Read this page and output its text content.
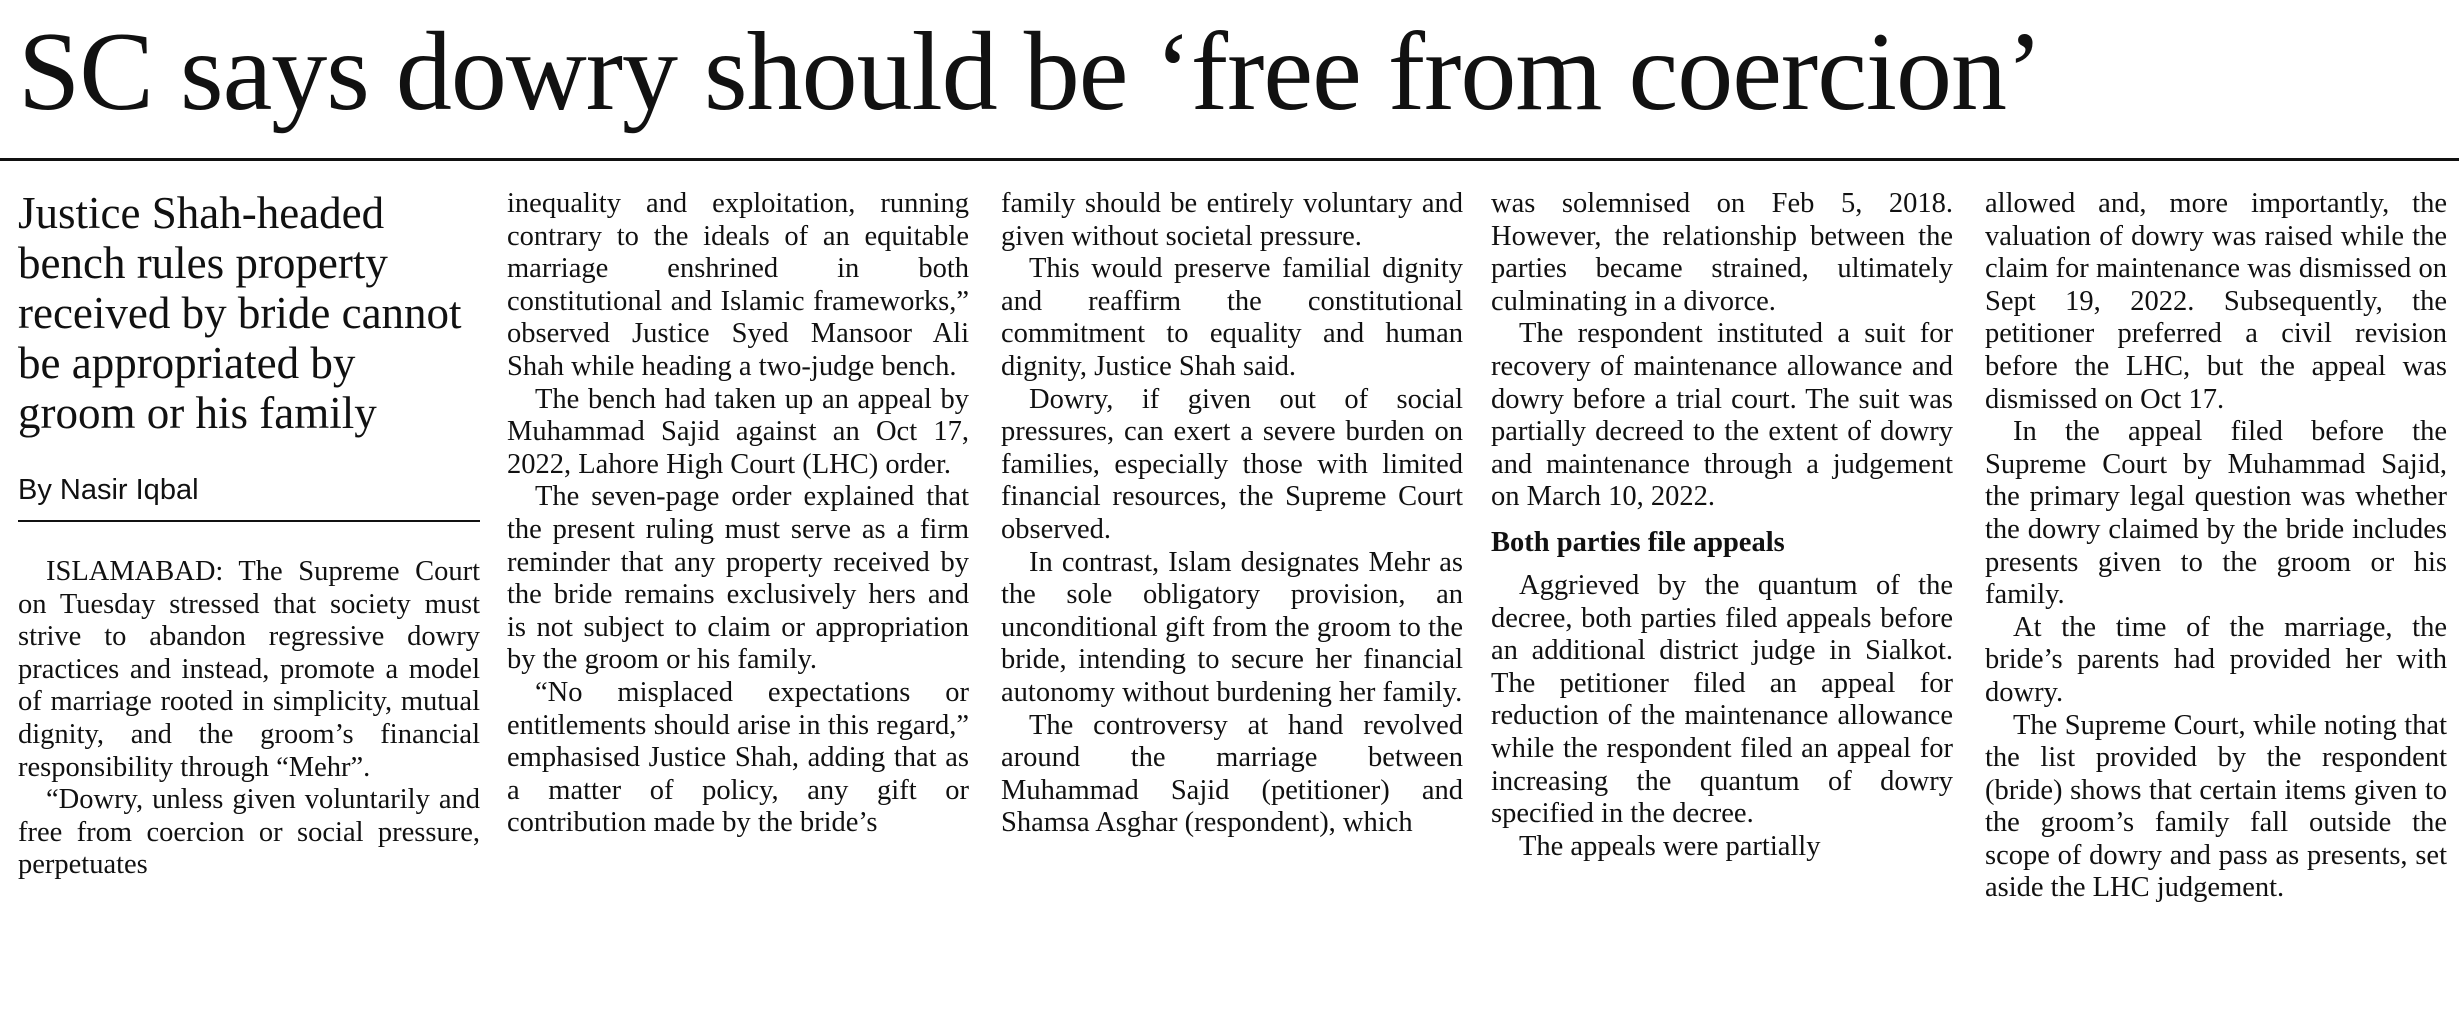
SC says dowry should be ‘free from coercion’
Justice Shah-headed bench rules property received by bride cannot be appropriated by groom or his family
By Nasir Iqbal

ISLAMABAD: The Supreme Court on Tuesday stressed that society must strive to abandon regressive dowry practices and instead, promote a model of marriage rooted in simplicity, mutual dignity, and the groom’s financial responsibility through “Mehr”.

“Dowry, unless given voluntarily and free from coercion or social pressure, perpetuates

inequality and exploitation, running contrary to the ideals of an equitable marriage enshrined in both constitutional and Islamic frameworks,” observed Justice Syed Mansoor Ali Shah while heading a two-judge bench.

The bench had taken up an appeal by Muhammad Sajid against an Oct 17, 2022, Lahore High Court (LHC) order.

The seven-page order explained that the present ruling must serve as a firm reminder that any property received by the bride remains exclusively hers and is not subject to claim or appropriation by the groom or his family.

“No misplaced expectations or entitlements should arise in this regard,” emphasised Justice Shah, adding that as a matter of policy, any gift or contribution made by the bride’s

family should be entirely voluntary and given without societal pressure.

This would preserve familial dignity and reaffirm the constitutional commitment to equality and human dignity, Justice Shah said.

Dowry, if given out of social pressures, can exert a severe burden on families, especially those with limited financial resources, the Supreme Court observed.

In contrast, Islam designates Mehr as the sole obligatory provision, an unconditional gift from the groom to the bride, intending to secure her financial autonomy without burdening her family.

The controversy at hand revolved around the marriage between Muhammad Sajid (petitioner) and Shamsa Asghar (respondent), which

was solemnised on Feb 5, 2018. However, the relationship between the parties became strained, ultimately culminating in a divorce.

The respondent instituted a suit for recovery of maintenance allowance and dowry before a trial court. The suit was partially decreed to the extent of dowry and maintenance through a judgement on March 10, 2022.

Both parties file appeals

Aggrieved by the quantum of the decree, both parties filed appeals before an additional district judge in Sialkot. The petitioner filed an appeal for reduction of the maintenance allowance while the respondent filed an appeal for increasing the quantum of dowry specified in the decree.

The appeals were partially

allowed and, more importantly, the valuation of dowry was raised while the claim for maintenance was dismissed on Sept 19, 2022. Subsequently, the petitioner preferred a civil revision before the LHC, but the appeal was dismissed on Oct 17.

In the appeal filed before the Supreme Court by Muhammad Sajid, the primary legal question was whether the dowry claimed by the bride includes presents given to the groom or his family.

At the time of the marriage, the bride’s parents had provided her with dowry.

The Supreme Court, while noting that the list provided by the respondent (bride) shows that certain items given to the groom’s family fall outside the scope of dowry and pass as presents, set aside the LHC judgement.
